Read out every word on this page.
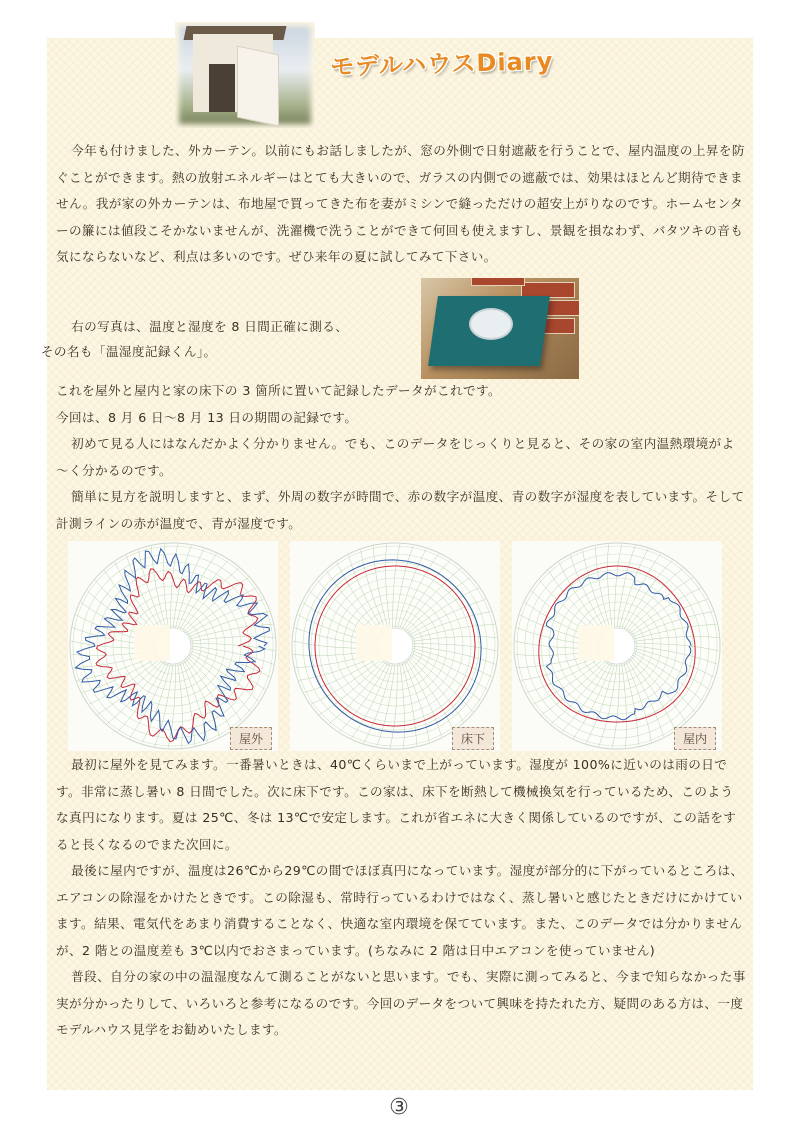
モデルハウスDiary

今年も付けました、外カーテン。以前にもお話しましたが、窓の外側で日射遮蔽を行うことで、屋内温度の上昇を防ぐことができます。熱の放射エネルギーはとても大きいので、ガラスの内側での遮蔽では、効果はほとんど期待できません。我が家の外カーテンは、布地屋で買ってきた布を妻がミシンで縫っただけの超安上がりなのです。ホームセンターの簾には値段こそかないませんが、洗濯機で洗うことができて何回も使えますし、景観を損なわず、バタツキの音も気にならないなど、利点は多いのです。ぜひ来年の夏に試してみて下さい。

右の写真は、温度と湿度を 8 日間正確に測る、
その名も「温湿度記録くん」。

これを屋外と屋内と家の床下の 3 箇所に置いて記録したデータがこれです。
今回は、8 月 6 日～8 月 13 日の期間の記録です。
初めて見る人にはなんだかよく分かりません。でも、このデータをじっくりと見ると、その家の室内温熱環境がよ～く分かるのです。
簡単に見方を説明しますと、まず、外周の数字が時間で、赤の数字が温度、青の数字が湿度を表しています。そして計測ラインの赤が温度で、青が湿度です。
屋外	床下	屋内
最初に屋外を見てみます。一番暑いときは、40℃くらいまで上がっています。湿度が 100%に近いのは雨の日です。非常に蒸し暑い 8 日間でした。次に床下です。この家は、床下を断熱して機械換気を行っているため、このような真円になります。夏は 25℃、冬は 13℃で安定します。これが省エネに大きく関係しているのですが、この話をすると長くなるのでまた次回に。
最後に屋内ですが、温度は26℃から29℃の間でほぼ真円になっています。湿度が部分的に下がっているところは、エアコンの除湿をかけたときです。この除湿も、常時行っているわけではなく、蒸し暑いと感じたときだけにかけています。結果、電気代をあまり消費することなく、快適な室内環境を保てています。また、このデータでは分かりませんが、2 階との温度差も 3℃以内でおさまっています。(ちなみに 2 階は日中エアコンを使っていません)
普段、自分の家の中の温湿度なんて測ることがないと思います。でも、実際に測ってみると、今まで知らなかった事実が分かったりして、いろいろと参考になるのです。今回のデータをついて興味を持たれた方、疑問のある方は、一度モデルハウス見学をお勧めいたします。
③
